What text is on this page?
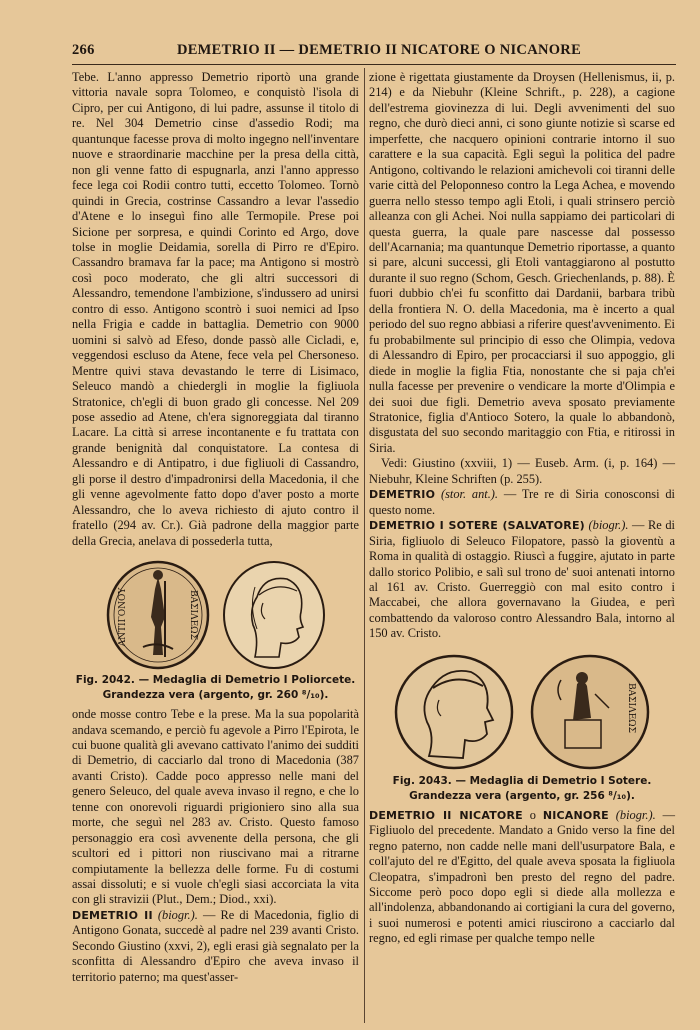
266	DEMETRIO II — DEMETRIO II NICATORE O NICANORE

Tebe. L'anno appresso Demetrio riportò una grande vittoria navale sopra Tolomeo, e conquistò l'isola di Cipro, per cui Antigono, di lui padre, assunse il titolo di re. Nel 304 Demetrio cinse d'assedio Rodi; ma quantunque facesse prova di molto ingegno nell'inventare nuove e straordinarie macchine per la presa della città, non gli venne fatto di espugnarla, anzi l'anno appresso fece lega coi Rodii contro tutti, eccetto Tolomeo. Tornò quindi in Grecia, costrinse Cassandro a levar l'assedio d'Atene e lo inseguì fino alle Termopile. Prese poi Sicione per sorpresa, e quindi Corinto ed Argo, dove tolse in moglie Deidamia, sorella di Pirro re d'Epiro. Cassandro bramava far la pace; ma Antigono si mostrò così poco moderato, che gli altri successori di Alessandro, temendone l'ambizione, s'indussero ad unirsi contro di esso. Antigono scontrò i suoi nemici ad Ipso nella Frigia e cadde in battaglia. Demetrio con 9000 uomini si salvò ad Efeso, donde passò alle Cicladi, e, veggendosi escluso da Atene, fece vela pel Chersoneso. Mentre quivi stava devastando le terre di Lisimaco, Seleuco mandò a chiedergli in moglie la figliuola Stratonice, ch'egli di buon grado gli concesse. Nel 209 pose assedio ad Atene, ch'era signoreggiata dal tiranno Lacare. La città si arrese incontanente e fu trattata con grande benignità dal conquistatore. La contesa di Alessandro e di Antipatro, i due figliuoli di Cassandro, gli porse il destro d'impadronirsi della Macedonia, il che gli venne agevolmente fatto dopo d'aver posto a morte Alessandro, che lo aveva richiesto di ajuto contro il fratello (294 av. Cr.). Già padrone della maggior parte della Grecia, anelava di possederla tutta,

ΑΝΤΙΓΟΝΟΥ	ΒΑΣΙΛΕΩΣ
Fig. 2042. — Medaglia di Demetrio I Poliorcete.
Grandezza vera (argento, gr. 260 ⁸/₁₀).

onde mosse contro Tebe e la prese. Ma la sua popolarità andava scemando, e perciò fu agevole a Pirro l'Epirota, le cui buone qualità gli avevano cattivato l'animo dei sudditi di Demetrio, di cacciarlo dal trono di Macedonia (387 avanti Cristo). Cadde poco appresso nelle mani del genero Seleuco, del quale aveva invaso il regno, e che lo tenne con onorevoli riguardi prigioniero sino alla sua morte, che seguì nel 283 av. Cristo. Questo famoso personaggio era così avvenente della persona, che gli scultori ed i pittori non riuscivano mai a ritrarne compiutamente la bellezza delle forme. Fu di costumi assai dissoluti; e si vuole ch'egli siasi accorciata la vita con gli stravizii (Plut., Dem.; Diod., xxi).

DEMETRIO II (biogr.). — Re di Macedonia, figlio di Antigono Gonata, succedè al padre nel 239 avanti Cristo. Secondo Giustino (xxvi, 2), egli erasi già segnalato per la sconfitta di Alessandro d'Epiro che aveva invaso il territorio paterno; ma quest'asser-

zione è rigettata giustamente da Droysen (Hellenismus, ii, p. 214) e da Niebuhr (Kleine Schrift., p. 228), a cagione dell'estrema giovinezza di lui. Degli avvenimenti del suo regno, che durò dieci anni, ci sono giunte notizie sì scarse ed imperfette, che nacquero opinioni contrarie intorno il suo carattere e la sua capacità. Egli seguì la politica del padre Antigono, coltivando le relazioni amichevoli coi tiranni delle varie città del Peloponneso contro la Lega Achea, e movendo guerra nello stesso tempo agli Etoli, i quali strinsero perciò alleanza con gli Achei. Noi nulla sappiamo dei particolari di questa guerra, la quale pare nascesse dal possesso dell'Acarnania; ma quantunque Demetrio riportasse, a quanto si pare, alcuni successi, gli Etoli vantaggiarono al postutto durante il suo regno (Schom, Gesch. Griechenlands, p. 88). È fuori dubbio ch'ei fu sconfitto dai Dardanii, barbara tribù della frontiera N. O. della Macedonia, ma è incerto a qual periodo del suo regno abbiasi a riferire quest'avvenimento. Ei fu probabilmente sul principio di esso che Olimpia, vedova di Alessandro di Epiro, per procacciarsi il suo appoggio, gli diede in moglie la figlia Ftia, nonostante che si paja ch'ei nulla facesse per prevenire o vendicare la morte d'Olimpia e dei suoi due figli. Demetrio aveva sposato previamente Stratonice, figlia d'Antioco Sotero, la quale lo abbandonò, disgustata del suo secondo maritaggio con Ftia, e ritirossi in Siria.

Vedi: Giustino (xxviii, 1) — Euseb. Arm. (i, p. 164) — Niebuhr, Kleine Schriften (p. 255).

DEMETRIO (stor. ant.). — Tre re di Siria conosconsi di questo nome.

DEMETRIO I SOTERE (SALVATORE) (biogr.). — Re di Siria, figliuolo di Seleuco Filopatore, passò la gioventù a Roma in qualità di ostaggio. Riuscì a fuggire, ajutato in parte dallo storico Polibio, e salì sul trono de' suoi antenati intorno al 161 av. Cristo. Guerreggiò con mal esito contro i Maccabei, che allora governavano la Giudea, e perì combattendo da valoroso contro Alessandro Bala, intorno al 150 av. Cristo.

ΒΑΣΙΛΕΩΣ
Fig. 2043. — Medaglia di Demetrio I Sotere.
Grandezza vera (argento, gr. 256 ⁸/₁₀).

DEMETRIO II NICATORE o NICANORE (biogr.). — Figliuolo del precedente. Mandato a Gnido verso la fine del regno paterno, non cadde nelle mani dell'usurpatore Bala, e coll'ajuto del re d'Egitto, del quale aveva sposata la figliuola Cleopatra, s'impadronì ben presto del regno del padre. Siccome però poco dopo egli si diede alla mollezza e all'indolenza, abbandonando ai cortigiani la cura del governo, i suoi numerosi e potenti amici riuscirono a cacciarlo dal regno, ed egli rimase per qualche tempo nelle
